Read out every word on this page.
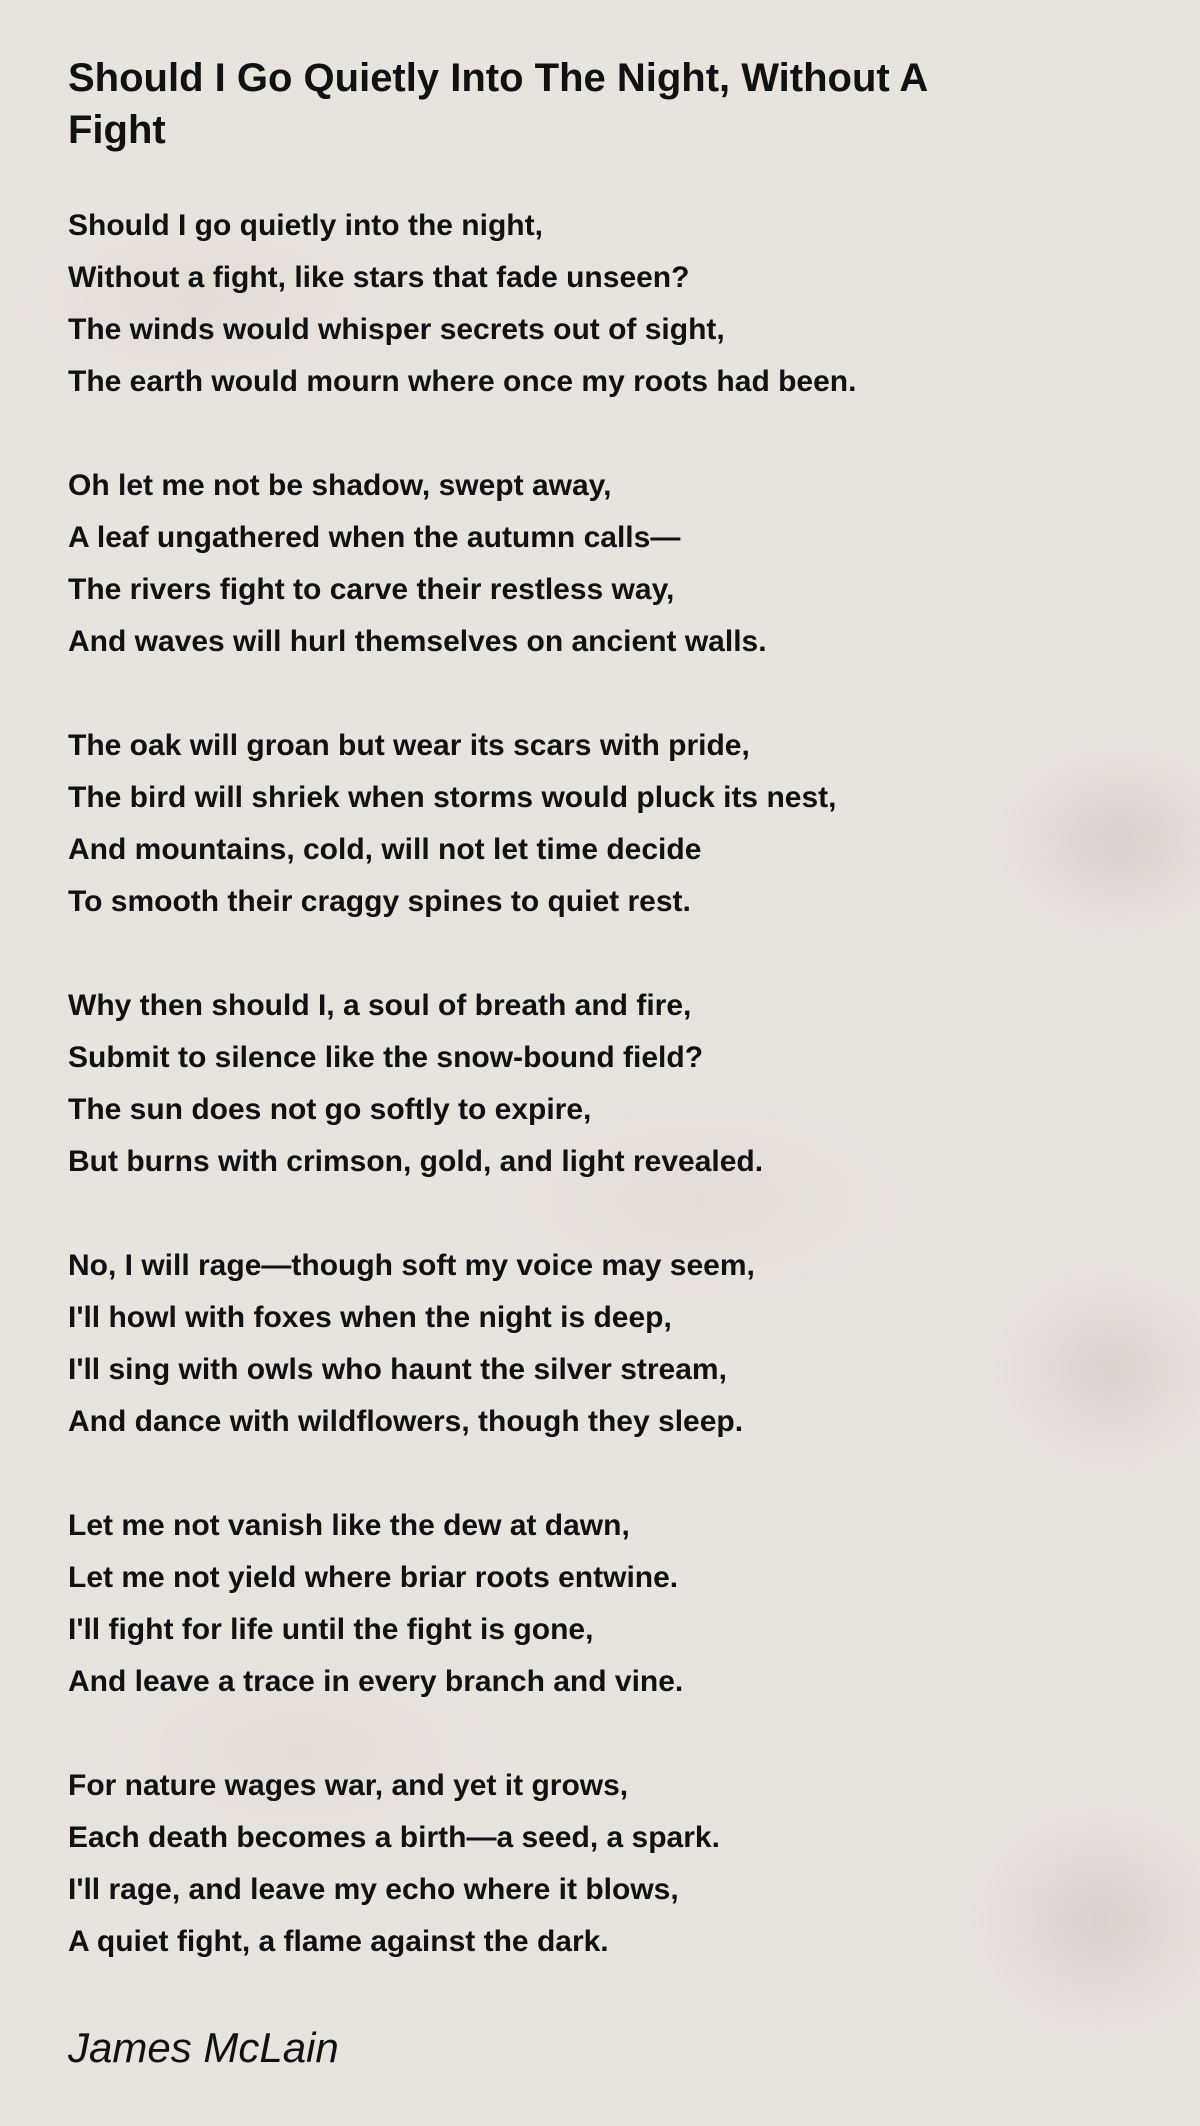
Should I Go Quietly Into The Night, Without A Fight
Should I go quietly into the night,
Without a fight, like stars that fade unseen?
The winds would whisper secrets out of sight,
The earth would mourn where once my roots had been.
Oh let me not be shadow, swept away,
A leaf ungathered when the autumn calls—
The rivers fight to carve their restless way,
And waves will hurl themselves on ancient walls.
The oak will groan but wear its scars with pride,
The bird will shriek when storms would pluck its nest,
And mountains, cold, will not let time decide
To smooth their craggy spines to quiet rest.
Why then should I, a soul of breath and fire,
Submit to silence like the snow-bound field?
The sun does not go softly to expire,
But burns with crimson, gold, and light revealed.
No, I will rage—though soft my voice may seem,
I'll howl with foxes when the night is deep,
I'll sing with owls who haunt the silver stream,
And dance with wildflowers, though they sleep.
Let me not vanish like the dew at dawn,
Let me not yield where briar roots entwine.
I'll fight for life until the fight is gone,
And leave a trace in every branch and vine.
For nature wages war, and yet it grows,
Each death becomes a birth—a seed, a spark.
I'll rage, and leave my echo where it blows,
A quiet fight, a flame against the dark.

James McLain
